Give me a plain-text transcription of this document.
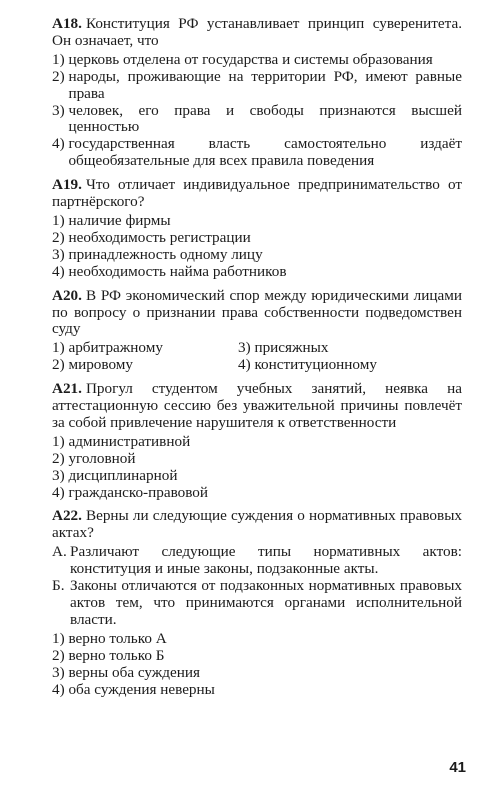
А18. Конституция РФ устанавливает принцип суверенитета. Он означает, что
1)
церковь отделена от государства и системы образования
2)
народы, проживающие на территории РФ, имеют равные права
3)
человек, его права и свободы признаются высшей ценностью
4)
государственная власть самостоятельно издаёт общеобязательные для всех правила поведения
А19. Что отличает индивидуальное предпринимательство от партнёрского?
1)
наличие фирмы
2)
необходимость регистрации
3)
принадлежность одному лицу
4)
необходимость найма работников
А20. В РФ экономический спор между юридическими лицами по вопросу о признании права собственности подведомствен суду
1)
арбитражному	3)
присяжных
2)
мировому	4)
конституционному
А21. Прогул студентом учебных занятий, неявка на аттестационную сессию без уважительной причины повлечёт за собой привлечение нарушителя к ответственности
1)
административной
2)
уголовной
3)
дисциплинарной
4)
гражданско-правовой
А22. Верны ли следующие суждения о нормативных правовых актах?
А. Различают следующие типы нормативных актов: конституция и иные законы, подзаконные акты.
Б. Законы отличаются от подзаконных нормативных правовых актов тем, что принимаются органами исполнительной власти.
1)
верно только А
2)
верно только Б
3)
верны оба суждения
4)
оба суждения неверны
41
